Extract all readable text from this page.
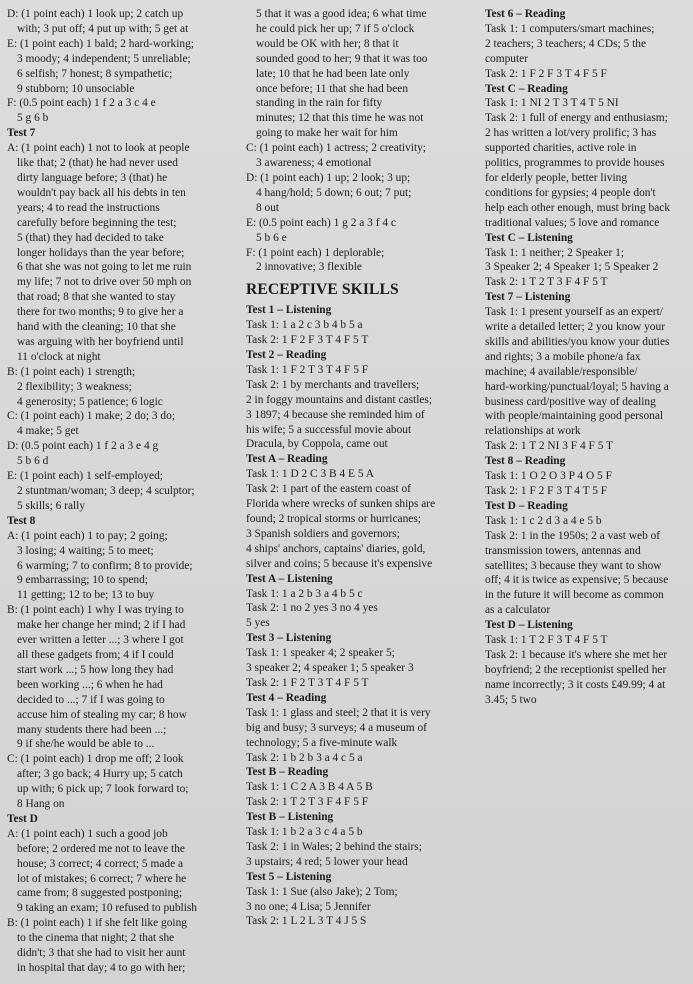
D: (1 point each) 1 look up; 2 catch up
with; 3 put off; 4 put up with; 5 get at
E: (1 point each) 1 bald; 2 hard-working;
3 moody; 4 independent; 5 unreliable;
6 selfish; 7 honest; 8 sympathetic;
9 stubborn; 10 unsociable
F: (0.5 point each) 1 f 2 a 3 c 4 e
5 g 6 b
Test 7
A: (1 point each) 1 not to look at people
like that; 2 (that) he had never used
dirty language before; 3 (that) he
wouldn't pay back all his debts in ten
years; 4 to read the instructions
carefully before beginning the test;
5 (that) they had decided to take
longer holidays than the year before;
6 that she was not going to let me ruin
my life; 7 not to drive over 50 mph on
that road; 8 that she wanted to stay
there for two months; 9 to give her a
hand with the cleaning; 10 that she
was arguing with her boyfriend until
11 o'clock at night
B: (1 point each) 1 strength;
2 flexibility; 3 weakness;
4 generosity; 5 patience; 6 logic
C: (1 point each) 1 make; 2 do; 3 do;
4 make; 5 get
D: (0.5 point each) 1 f 2 a 3 e 4 g
5 b 6 d
E: (1 point each) 1 self-employed;
2 stuntman/woman; 3 deep; 4 sculptor;
5 skills; 6 rally
Test 8
A: (1 point each) 1 to pay; 2 going;
3 losing; 4 waiting; 5 to meet;
6 warming; 7 to confirm; 8 to provide;
9 embarrassing; 10 to spend;
11 getting; 12 to be; 13 to buy
B: (1 point each) 1 why I was trying to
make her change her mind; 2 if I had
ever written a letter ...; 3 where I got
all these gadgets from; 4 if I could
start work ...; 5 how long they had
been working ...; 6 when he had
decided to ...; 7 if I was going to
accuse him of stealing my car; 8 how
many students there had been ...;
9 if she/he would be able to ...
C: (1 point each) 1 drop me off; 2 look
after; 3 go back; 4 Hurry up; 5 catch
up with; 6 pick up; 7 look forward to;
8 Hang on
Test D
A: (1 point each) 1 such a good job
before; 2 ordered me not to leave the
house; 3 correct; 4 correct; 5 made a
lot of mistakes; 6 correct; 7 where he
came from; 8 suggested postponing;
9 taking an exam; 10 refused to publish
B: (1 point each) 1 if she felt like going
to the cinema that night; 2 that she
didn't; 3 that she had to visit her aunt
in hospital that day; 4 to go with her;
5 that it was a good idea; 6 what time
he could pick her up; 7 if 5 o'clock
would be OK with her; 8 that it
sounded good to her; 9 that it was too
late; 10 that he had been late only
once before; 11 that she had been
standing in the rain for fifty
minutes; 12 that this time he was not
going to make her wait for him
C: (1 point each) 1 actress; 2 creativity;
3 awareness; 4 emotional
D: (1 point each) 1 up; 2 look; 3 up;
4 hang/hold; 5 down; 6 out; 7 put;
8 out
E: (0.5 point each) 1 g 2 a 3 f 4 c
5 b 6 e
F: (1 point each) 1 deplorable;
2 innovative; 3 flexible
RECEPTIVE SKILLS
Test 1 – Listening
Task 1: 1 a 2 c 3 b 4 b 5 a
Task 2: 1 F 2 F 3 T 4 F 5 T
Test 2 – Reading
Task 1: 1 F 2 T 3 T 4 F 5 F
Task 2: 1 by merchants and travellers;
2 in foggy mountains and distant castles;
3 1897; 4 because she reminded him of
his wife; 5 a successful movie about
Dracula, by Coppola, came out
Test A – Reading
Task 1: 1 D 2 C 3 B 4 E 5 A
Task 2: 1 part of the eastern coast of
Florida where wrecks of sunken ships are
found; 2 tropical storms or hurricanes;
3 Spanish soldiers and governors;
4 ships' anchors, captains' diaries, gold,
silver and coins; 5 because it's expensive
Test A – Listening
Task 1: 1 a 2 b 3 a 4 b 5 c
Task 2: 1 no 2 yes 3 no 4 yes
5 yes
Test 3 – Listening
Task 1: 1 speaker 4; 2 speaker 5;
3 speaker 2; 4 speaker 1; 5 speaker 3
Task 2: 1 F 2 T 3 T 4 F 5 T
Test 4 – Reading
Task 1: 1 glass and steel; 2 that it is very
big and busy; 3 surveys; 4 a museum of
technology; 5 a five-minute walk
Task 2: 1 b 2 b 3 a 4 c 5 a
Test B – Reading
Task 1: 1 C 2 A 3 B 4 A 5 B
Task 2: 1 T 2 T 3 F 4 F 5 F
Test B – Listening
Task 1: 1 b 2 a 3 c 4 a 5 b
Task 2: 1 in Wales; 2 behind the stairs;
3 upstairs; 4 red; 5 lower your head
Test 5 – Listening
Task 1: 1 Sue (also Jake); 2 Tom;
3 no one; 4 Lisa; 5 Jennifer
Task 2: 1 L 2 L 3 T 4 J 5 S
Test 6 – Reading
Task 1: 1 computers/smart machines;
2 teachers; 3 teachers; 4 CDs; 5 the
computer
Task 2: 1 F 2 F 3 T 4 F 5 F
Test C – Reading
Task 1: 1 NI 2 T 3 T 4 T 5 NI
Task 2: 1 full of energy and enthusiasm;
2 has written a lot/very prolific; 3 has
supported charities, active role in
politics, programmes to provide houses
for elderly people, better living
conditions for gypsies; 4 people don't
help each other enough, must bring back
traditional values; 5 love and romance
Test C – Listening
Task 1: 1 neither; 2 Speaker 1;
3 Speaker 2; 4 Speaker 1; 5 Speaker 2
Task 2: 1 T 2 T 3 F 4 F 5 T
Test 7 – Listening
Task 1: 1 present yourself as an expert/
write a detailed letter; 2 you know your
skills and abilities/you know your duties
and rights; 3 a mobile phone/a fax
machine; 4 available/responsible/
hard-working/punctual/loyal; 5 having a
business card/positive way of dealing
with people/maintaining good personal
relationships at work
Task 2: 1 T 2 NI 3 F 4 F 5 T
Test 8 – Reading
Task 1: 1 O 2 O 3 P 4 O 5 F
Task 2: 1 F 2 F 3 T 4 T 5 F
Test D – Reading
Task 1: 1 c 2 d 3 a 4 e 5 b
Task 2: 1 in the 1950s; 2 a vast web of
transmission towers, antennas and
satellites; 3 because they want to show
off; 4 it is twice as expensive; 5 because
in the future it will become as common
as a calculator
Test D – Listening
Task 1: 1 T 2 F 3 T 4 F 5 T
Task 2: 1 because it's where she met her
boyfriend; 2 the receptionist spelled her
name incorrectly; 3 it costs £49.99; 4 at
3.45; 5 two
